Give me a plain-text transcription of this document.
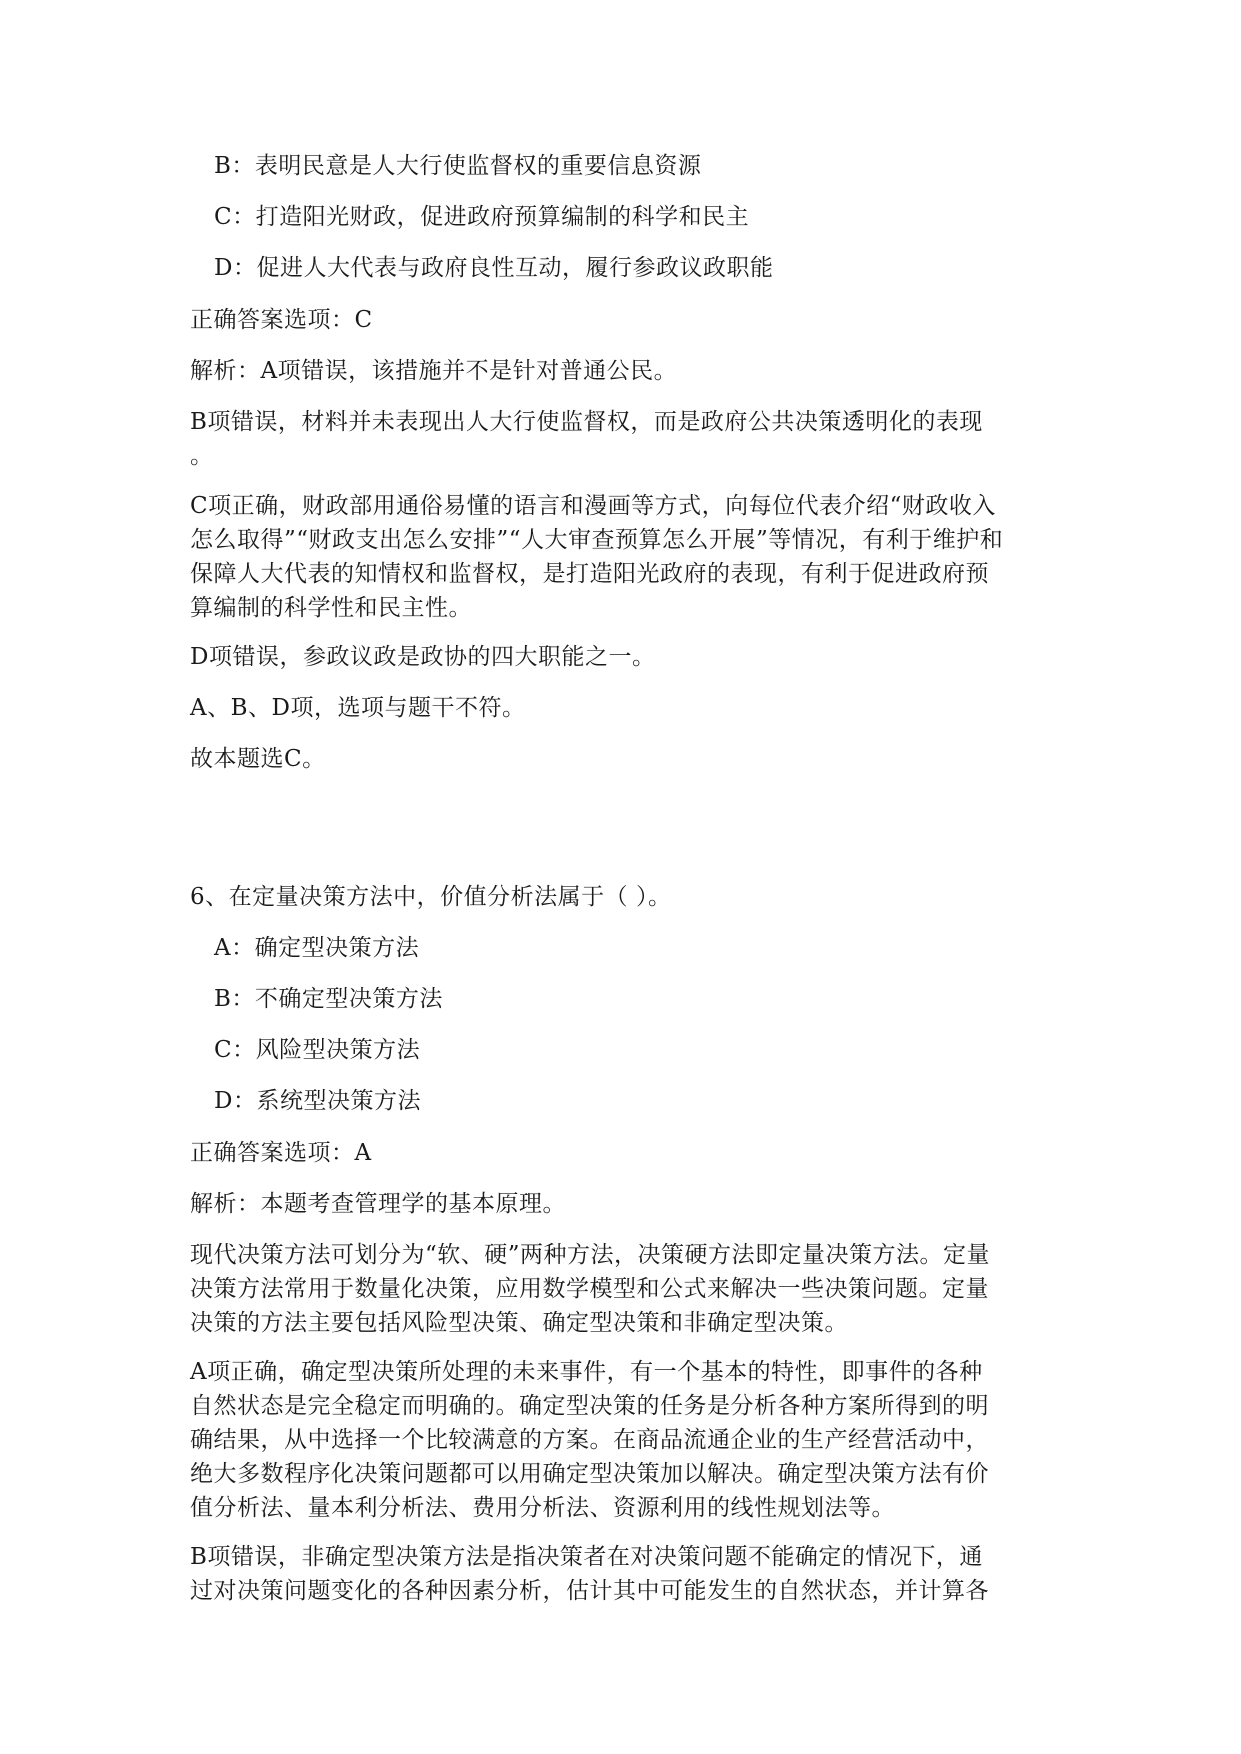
B：表明民意是人大行使监督权的重要信息资源
C：打造阳光财政，促进政府预算编制的科学和民主
D：促进人大代表与政府良性互动，履行参政议政职能
正确答案选项：C
解析：A项错误，该措施并不是针对普通公民。
B项错误，材料并未表现出人大行使监督权，而是政府公共决策透明化的表现
。
C项正确，财政部用通俗易懂的语言和漫画等方式，向每位代表介绍“财政收入
怎么取得”“财政支出怎么安排”“人大审查预算怎么开展”等情况，有利于维护和
保障人大代表的知情权和监督权，是打造阳光政府的表现，有利于促进政府预
算编制的科学性和民主性。
D项错误，参政议政是政协的四大职能之一。
A、B、D项，选项与题干不符。
故本题选C。
6、在定量决策方法中，价值分析法属于（ ）。
A：确定型决策方法
B：不确定型决策方法
C：风险型决策方法
D：系统型决策方法
正确答案选项：A
解析：本题考查管理学的基本原理。
现代决策方法可划分为“软、硬”两种方法，决策硬方法即定量决策方法。定量
决策方法常用于数量化决策，应用数学模型和公式来解决一些决策问题。定量
决策的方法主要包括风险型决策、确定型决策和非确定型决策。
A项正确，确定型决策所处理的未来事件，有一个基本的特性，即事件的各种
自然状态是完全稳定而明确的。确定型决策的任务是分析各种方案所得到的明
确结果，从中选择一个比较满意的方案。在商品流通企业的生产经营活动中，
绝大多数程序化决策问题都可以用确定型决策加以解决。确定型决策方法有价
值分析法、量本利分析法、费用分析法、资源利用的线性规划法等。
B项错误，非确定型决策方法是指决策者在对决策问题不能确定的情况下，通
过对决策问题变化的各种因素分析，估计其中可能发生的自然状态，并计算各
